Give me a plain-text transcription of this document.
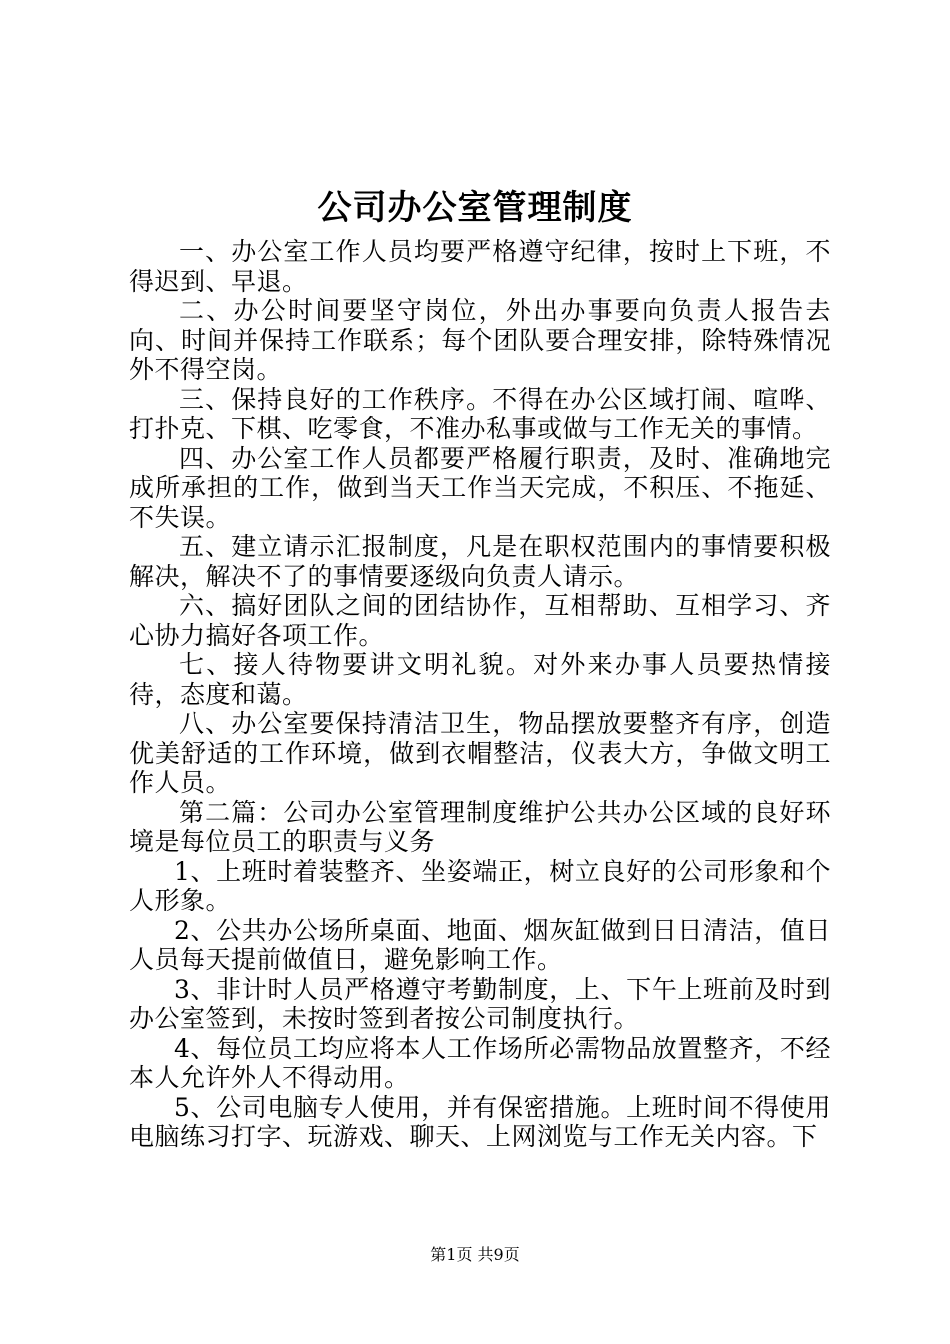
公司办公室管理制度

一、办公室工作人员均要严格遵守纪律，按时上下班，不得迟到、早退。

二、办公时间要坚守岗位，外出办事要向负责人报告去向、时间并保持工作联系；每个团队要合理安排，除特殊情况外不得空岗。

三、保持良好的工作秩序。不得在办公区域打闹、喧哗、打扑克、下棋、吃零食，不准办私事或做与工作无关的事情。

四、办公室工作人员都要严格履行职责，及时、准确地完成所承担的工作，做到当天工作当天完成，不积压、不拖延、不失误。

五、建立请示汇报制度，凡是在职权范围内的事情要积极解决，解决不了的事情要逐级向负责人请示。

六、搞好团队之间的团结协作，互相帮助、互相学习、齐心协力搞好各项工作。

七、接人待物要讲文明礼貌。对外来办事人员要热情接待，态度和蔼。

八、办公室要保持清洁卫生，物品摆放要整齐有序，创造优美舒适的工作环境，做到衣帽整洁，仪表大方，争做文明工作人员。

第二篇：公司办公室管理制度维护公共办公区域的良好环境是每位员工的职责与义务

1、上班时着装整齐、坐姿端正，树立良好的公司形象和个人形象。

2、公共办公场所桌面、地面、烟灰缸做到日日清洁，值日人员每天提前做值日，避免影响工作。

3、非计时人员严格遵守考勤制度，上、下午上班前及时到办公室签到，未按时签到者按公司制度执行。

4、每位员工均应将本人工作场所必需物品放置整齐，不经本人允许外人不得动用。

5、公司电脑专人使用，并有保密措施。上班时间不得使用电脑练习打字、玩游戏、聊天、上网浏览与工作无关内容。下

第1页 共9页
